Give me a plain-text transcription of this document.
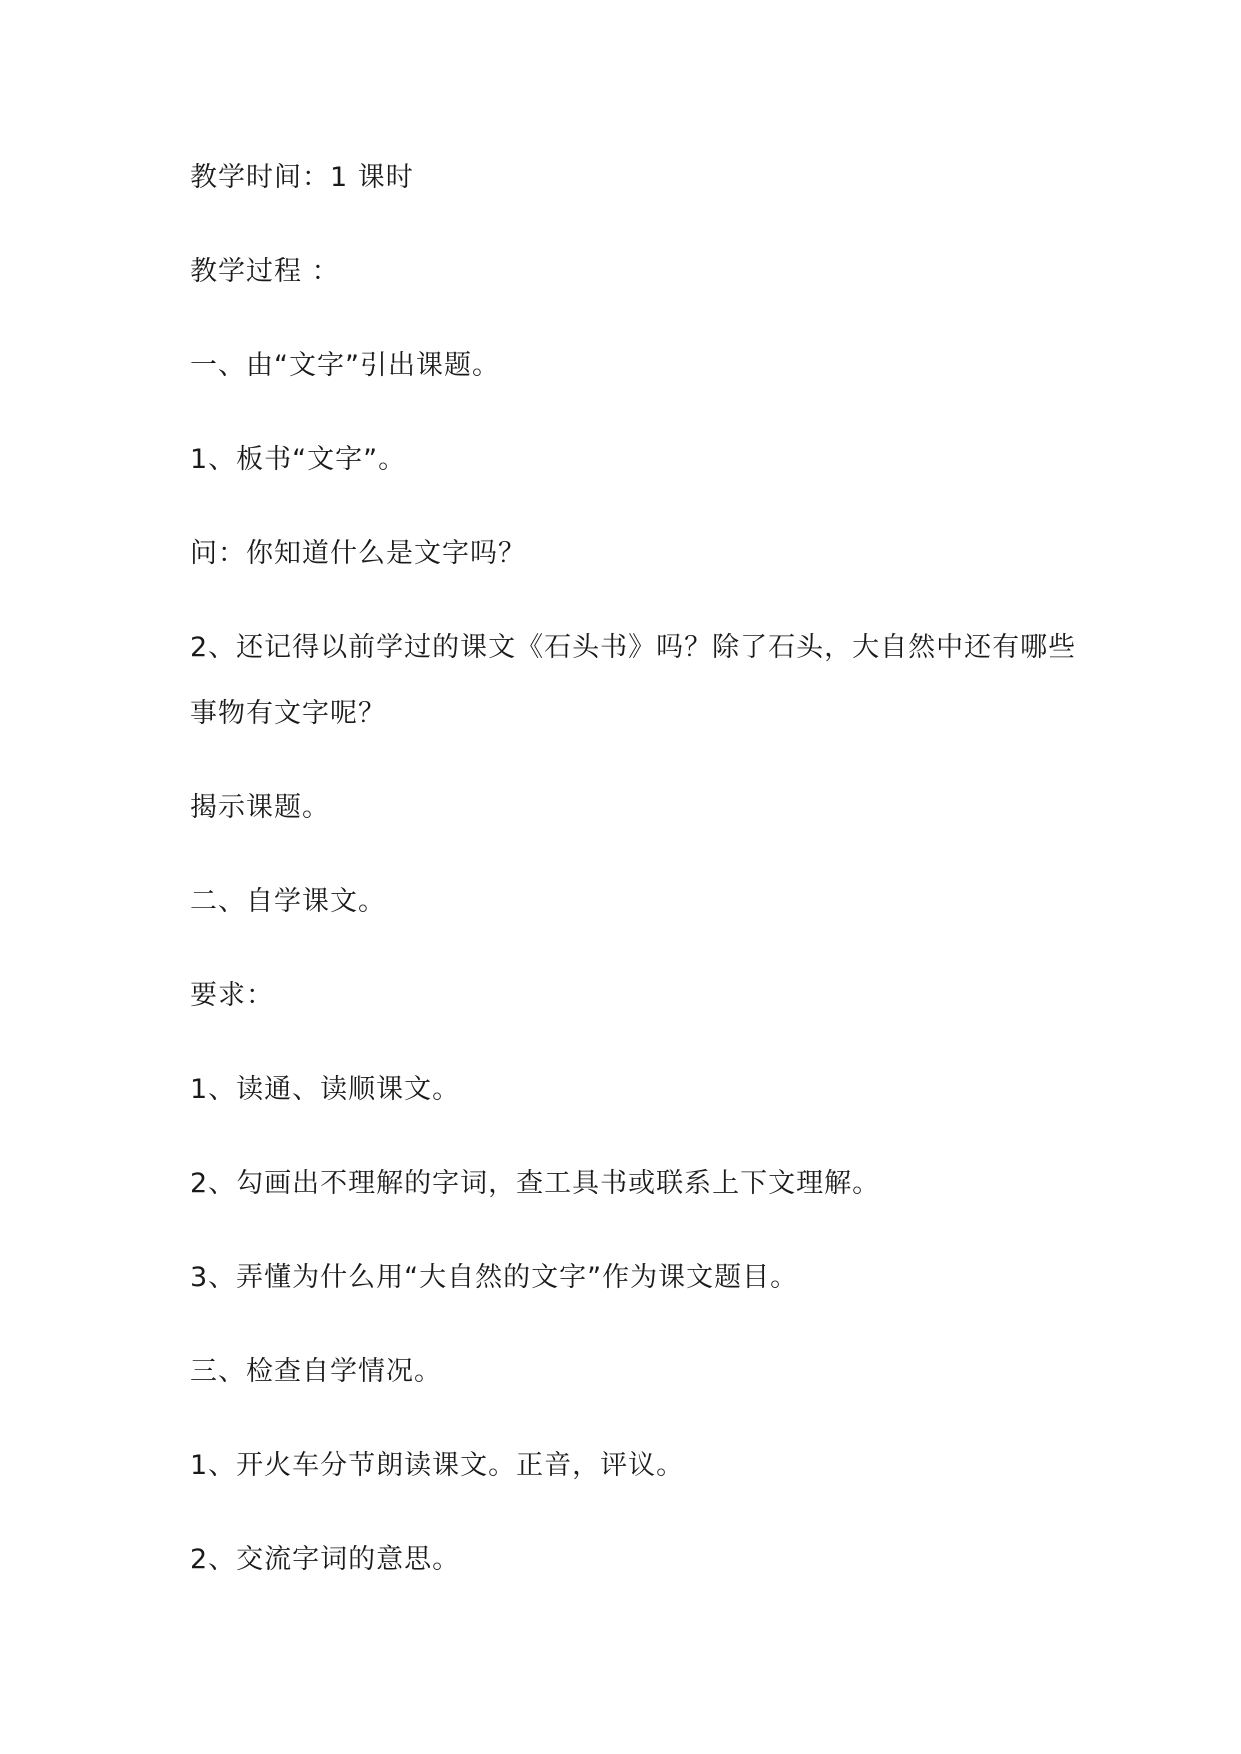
教学时间：1 课时

教学过程 ：

一、由“文字”引出课题。

1、板书“文字”。

问：你知道什么是文字吗？

2、还记得以前学过的课文《石头书》吗？除了石头，大自然中还有哪些事物有文字呢？

揭示课题。

二、自学课文。

要求：

1、读通、读顺课文。

2、勾画出不理解的字词，查工具书或联系上下文理解。

3、弄懂为什么用“大自然的文字”作为课文题目。

三、检查自学情况。

1、开火车分节朗读课文。正音，评议。

2、交流字词的意思。
